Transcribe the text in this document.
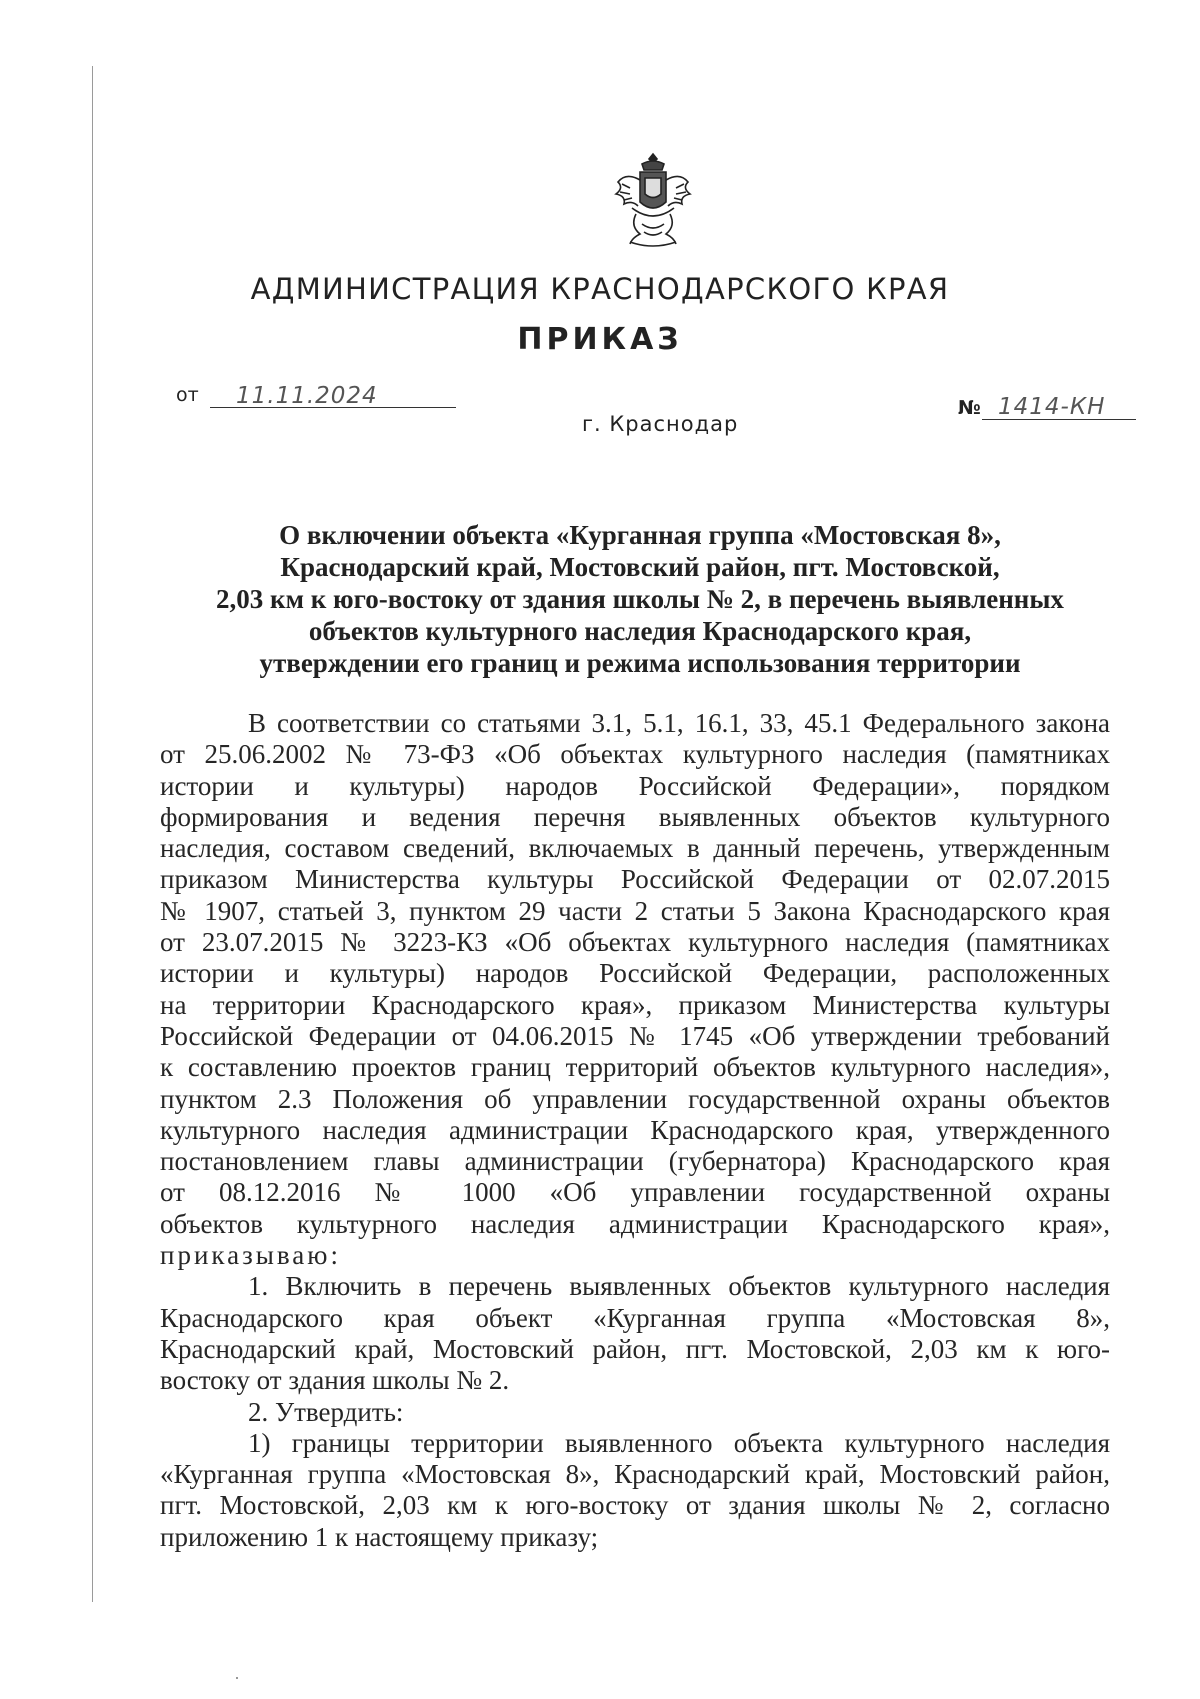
АДМИНИСТРАЦИЯ КРАСНОДАРСКОГО КРАЯ
ПРИКАЗ
от 11.11.2024
г. Краснодар
№ 1414-КН
О включении объекта «Курганная группа «Мостовская 8»,
Краснодарский край, Мостовский район, пгт. Мостовской,
2,03 км к юго-востоку от здания школы № 2, в перечень выявленных
объектов культурного наследия Краснодарского края,
утверждении его границ и режима использования территории
В соответствии со статьями 3.1, 5.1, 16.1, 33, 45.1 Федерального закона
от 25.06.2002 № 73-ФЗ «Об объектах культурного наследия (памятниках
истории и культуры) народов Российской Федерации», порядком
формирования и ведения перечня выявленных объектов культурного
наследия, составом сведений, включаемых в данный перечень, утвержденным
приказом Министерства культуры Российской Федерации от 02.07.2015
№ 1907, статьей 3, пунктом 29 части 2 статьи 5 Закона Краснодарского края
от 23.07.2015 № 3223-КЗ «Об объектах культурного наследия (памятниках
истории и культуры) народов Российской Федерации, расположенных
на территории Краснодарского края», приказом Министерства культуры
Российской Федерации от 04.06.2015 № 1745 «Об утверждении требований
к составлению проектов границ территорий объектов культурного наследия»,
пунктом 2.3 Положения об управлении государственной охраны объектов
культурного наследия администрации Краснодарского края, утвержденного
постановлением главы администрации (губернатора) Краснодарского края
от 08.12.2016 № 1000 «Об управлении государственной охраны
объектов культурного наследия администрации Краснодарского края»,
приказываю:
1. Включить в перечень выявленных объектов культурного наследия
Краснодарского края объект «Курганная группа «Мостовская 8»,
Краснодарский край, Мостовский район, пгт. Мостовской, 2,03 км к юго-
востоку от здания школы № 2.
2. Утвердить:
1) границы территории выявленного объекта культурного наследия
«Курганная группа «Мостовская 8», Краснодарский край, Мостовский район,
пгт. Мостовской, 2,03 км к юго-востоку от здания школы № 2, согласно
приложению 1 к настоящему приказу;
